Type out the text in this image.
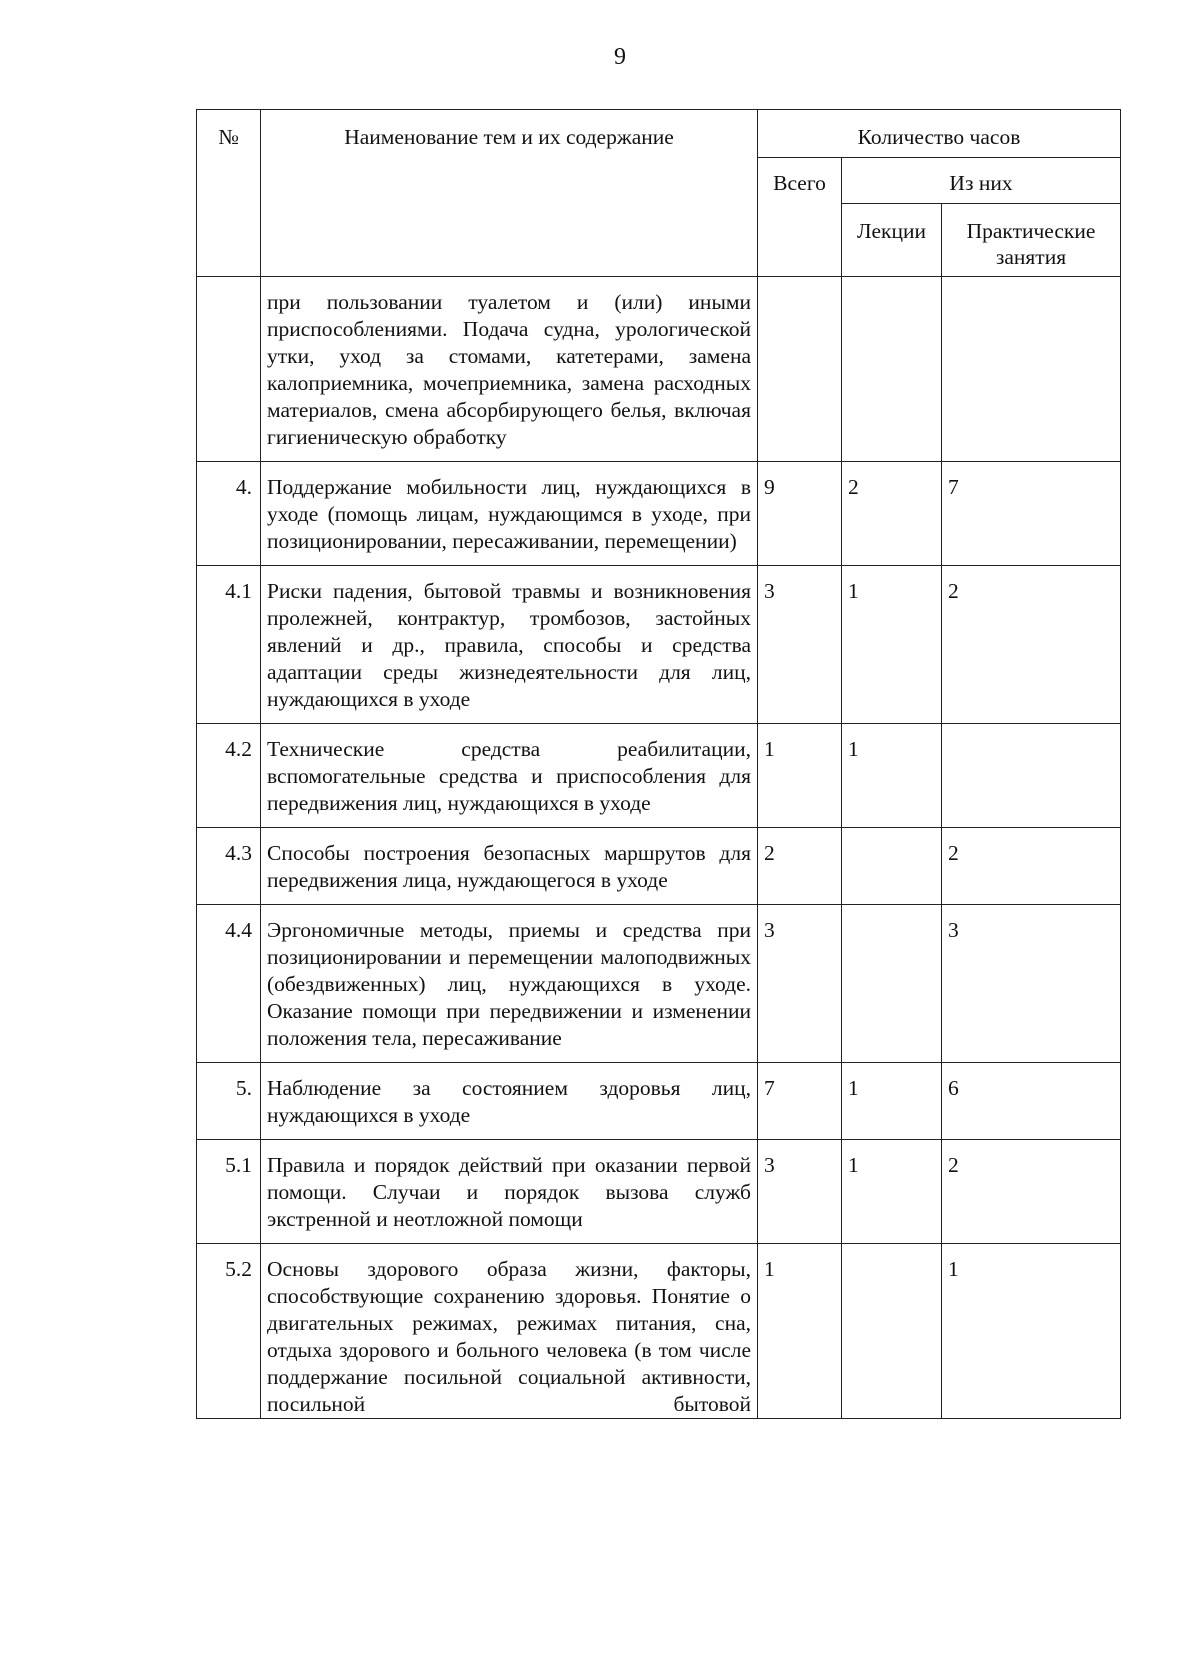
9
№	Наименование тем и их содержание	Количество часов		

		Всего	Из них	

			Лекции	Практические занятия

	при пользовании туалетом и (или) иными приспособлениями. Подача судна, урологической утки, уход за стомами, катетерами, замена калоприемника, мочеприемника, замена расходных материалов, смена абсорбирующего белья, включая гигиеническую обработку			
4.	Поддержание мобильности лиц, нуждающихся в уходе (помощь лицам, нуждающимся в уходе, при позиционировании, пересаживании, перемещении)	9	2	7
4.1	Риски падения, бытовой травмы и возникновения пролежней, контрактур, тромбозов, застойных явлений и др., правила, способы и средства адаптации среды жизнедеятельности для лиц, нуждающихся в уходе	3	1	2
4.2	Технические средства реабилитации, вспомогательные средства и приспособления для передвижения лиц, нуждающихся в уходе	1	1	
4.3	Способы построения безопасных маршрутов для передвижения лица, нуждающегося в уходе	2		2
4.4	Эргономичные методы, приемы и средства при позиционировании и перемещении малоподвижных (обездвиженных) лиц, нуждающихся в уходе. Оказание помощи при передвижении и изменении положения тела, пересаживание	3		3
5.	Наблюдение за состоянием здоровья лиц, нуждающихся в уходе	7	1	6
5.1	Правила и порядок действий при оказании первой помощи. Случаи и порядок вызова служб экстренной и неотложной помощи	3	1	2
5.2	Основы здорового образа жизни, факторы, способствующие сохранению здоровья. Понятие о двигательных режимах, режимах питания, сна, отдыха здорового и больного человека (в том числе поддержание посильной социальной активности, посильной бытовой	1		1
